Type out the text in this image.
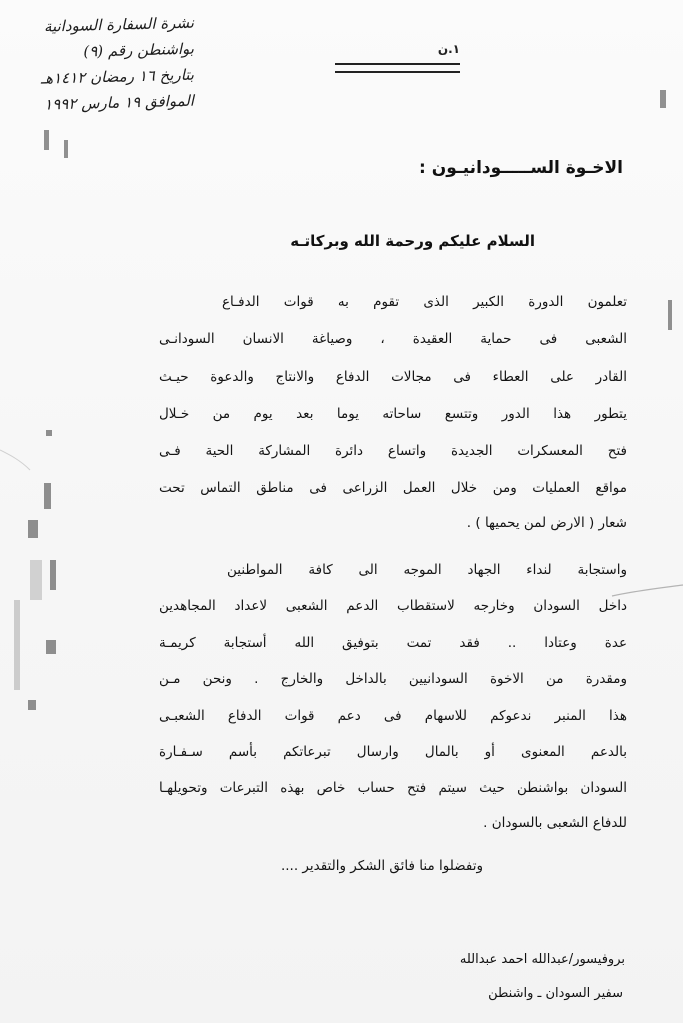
نشرة السفارة السودانية
بواشنطن رقم (٩)
بتاريخ ١٦ رمضان ١٤١٢هـ
الموافق ١٩ مارس ١٩٩٢
١.ن
الاخـوة الســـــودانيـون :
السلام عليكم ورحمة الله وبركاتـه
تعلمون الدورة الكبير الذى تقوم به قوات الدفـاع
الشعبى فى حماية العقيدة ، وصياغة الانسان السودانـى
القادر على العطاء فى مجالات الدفاع والانتاج والدعوة حيـث
يتطور هذا الدور وتتسع ساحاته يوما بعد يوم من خـلال
فتح المعسكرات الجديدة واتساع دائرة المشاركة الحية فـى
مواقع العمليات ومن خلال العمل الزراعى فى مناطق التماس تحت
شعار ( الارض لمن يحميها ) .
واستجابة لنداء الجهاد الموجه الى كافة المواطنين
داخل السودان وخارجه لاستقطاب الدعم الشعبى لاعداد المجاهدين
عدة وعتادا .. فقد تمت بتوفيق الله أستجابة كريمـة
ومقدرة من الاخوة السودانيين بالداخل والخارج . ونحن مـن
هذا المنبر ندعوكم للاسهام فى دعم قوات الدفاع الشعبـى
بالدعم المعنوى أو بالمال وارسال تبرعاتكم بأسم سـفـارة
السودان بواشنطن حيث سيتم فتح حساب خاص بهذه التبرعات وتحويلهـا
للدفاع الشعبى بالسودان .
وتفضلوا منا فائق الشكر والتقدير ....
بروفيسور/عبدالله احمد عبدالله
سفير السودان ـ واشنطن
